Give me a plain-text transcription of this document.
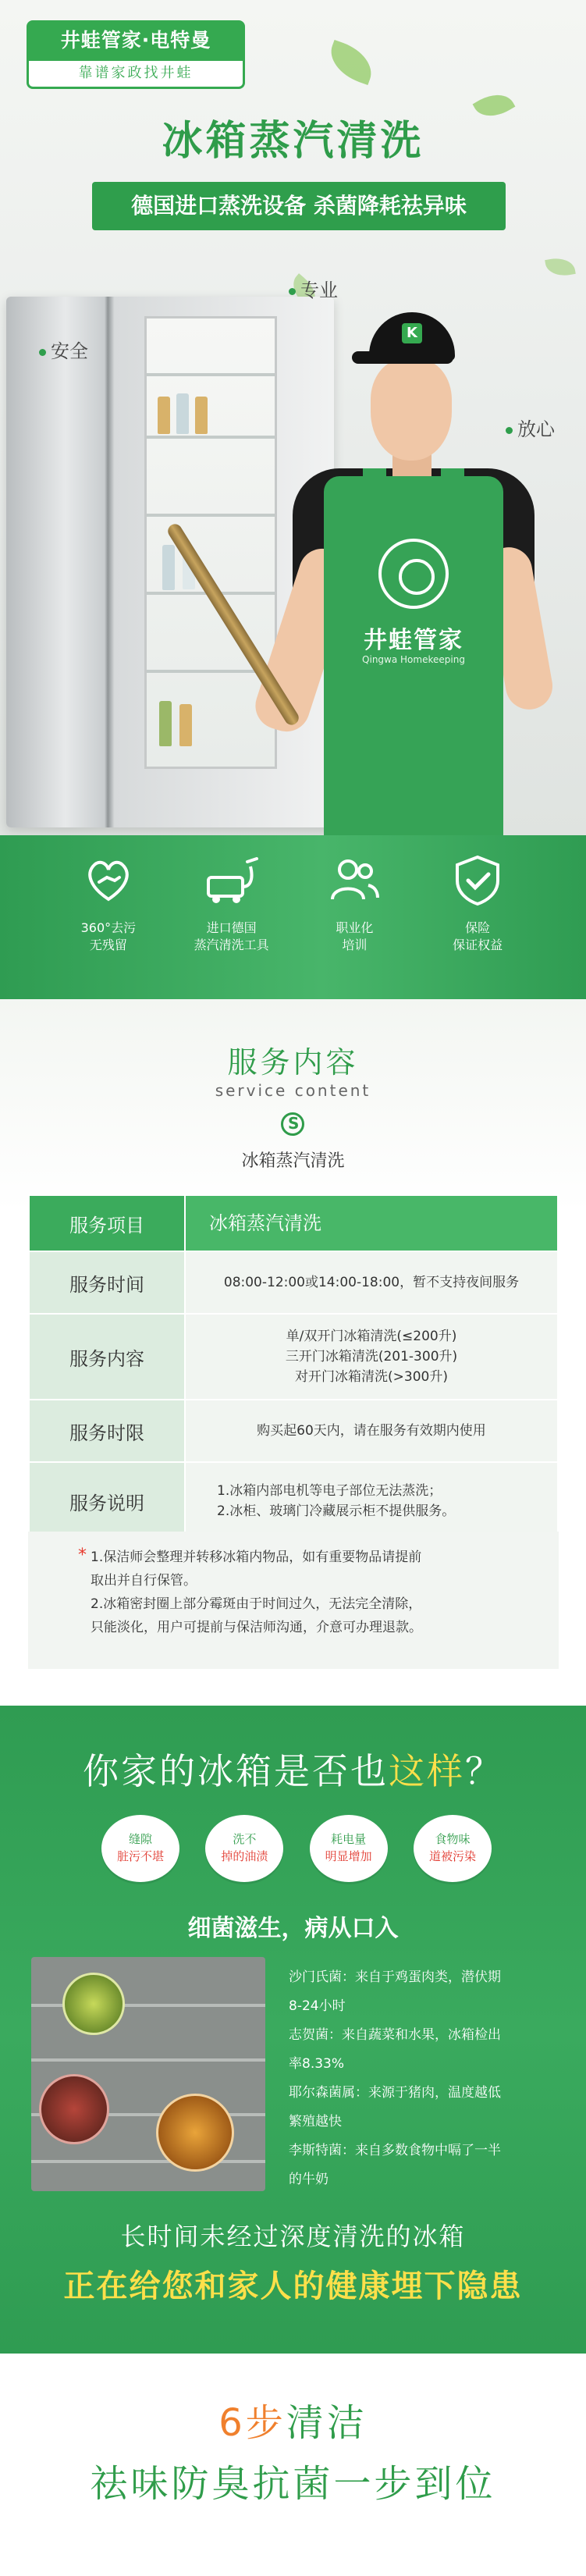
井蛙管家·电特曼
靠谱家政找井蛙
冰箱蒸汽清洗
德国进口蒸洗设备 杀菌降耗祛异味
专业
安全
放心
井蛙管家
Qingwa Homekeeping
K
360°去污
无残留
进口德国
蒸汽清洗工具
职业化
培训
保险
保证权益
服务内容
service content
S
冰箱蒸汽清洗
服务项目	冰箱蒸汽清洗
服务时间	08:00-12:00或14:00-18:00，暂不支持夜间服务

服务内容	单/双开门冰箱清洗(≤200升)
三开门冰箱清洗(201-300升)
对开门冰箱清洗(>300升)

服务时限	购买起60天内，请在服务有效期内使用

服务说明	1.冰箱内部电机等电子部位无法蒸洗；
2.冰柜、玻璃门冷藏展示柜不提供服务。
* 1.保洁师会整理并转移冰箱内物品，如有重要物品请提前
取出并自行保管。
2.冰箱密封圈上部分霉斑由于时间过久，无法完全清除，
只能淡化，用户可提前与保洁师沟通，介意可办理退款。
你家的冰箱是否也这样？
缝隙
脏污不堪
洗不
掉的油渍
耗电量
明显增加
食物味
道被污染
细菌滋生，病从口入
沙门氏菌：来自于鸡蛋肉类，潜伏期
8-24小时
志贺菌：来自蔬菜和水果，冰箱检出
率8.33%
耶尔森菌属：来源于猪肉，温度越低
繁殖越快
李斯特菌：来自多数食物中嗝了一半
的牛奶
长时间未经过深度清洗的冰箱
正在给您和家人的健康埋下隐患
6步清洁
祛味防臭抗菌一步到位
